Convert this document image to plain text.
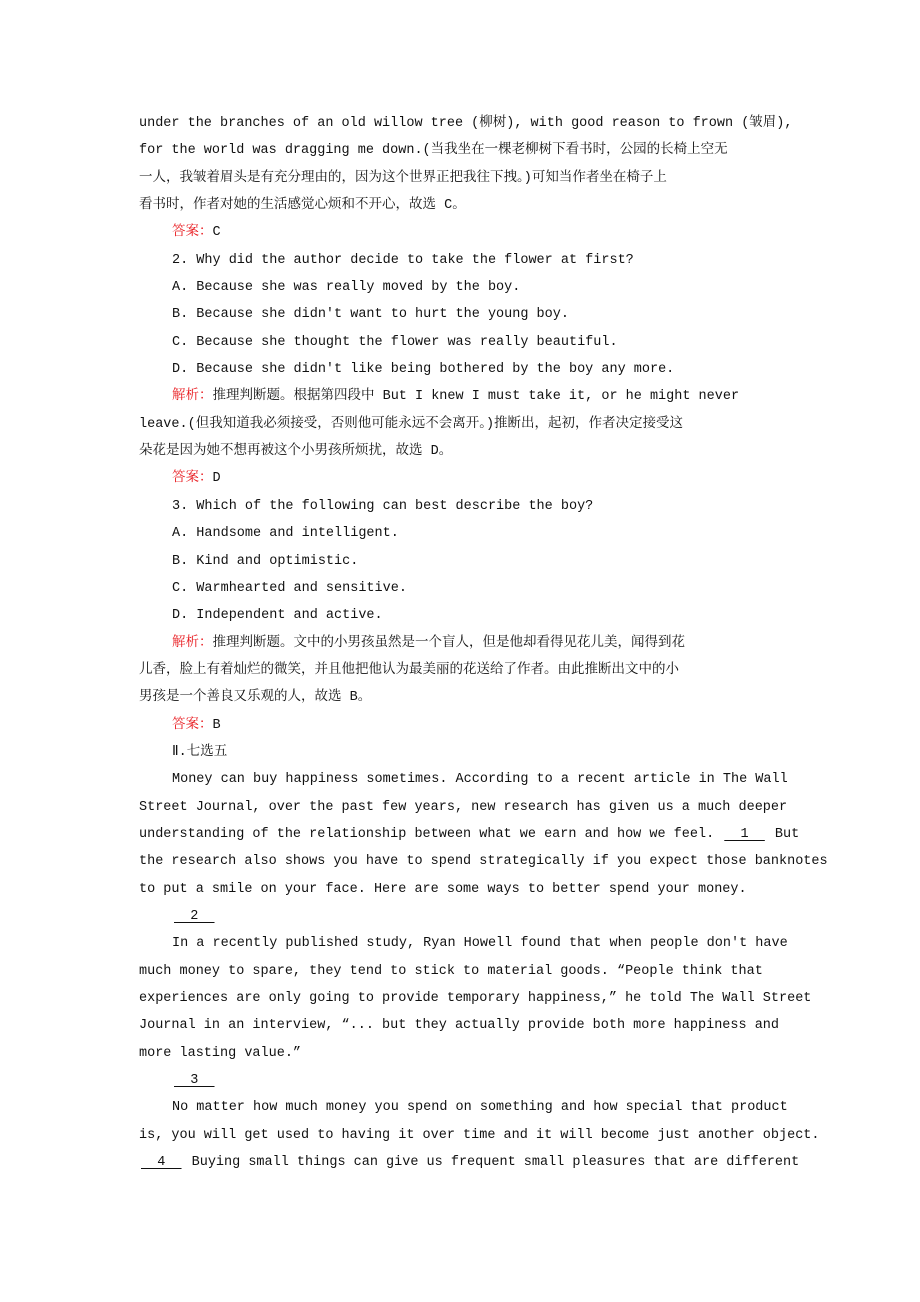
under the branches of an old willow tree (柳树), with good reason to frown (皱眉),
for the world was dragging me down.(当我坐在一棵老柳树下看书时，公园的长椅上空无
一人，我皱着眉头是有充分理由的，因为这个世界正把我往下拽。)可知当作者坐在椅子上
看书时，作者对她的生活感觉心烦和不开心，故选 C。
答案：C
2. Why did the author decide to take the flower at first?
A. Because she was really moved by the boy.
B. Because she didn't want to hurt the young boy.
C. Because she thought the flower was really beautiful.
D. Because she didn't like being bothered by the boy any more.
解析：推理判断题。根据第四段中 But I knew I must take it, or he might never
leave.(但我知道我必须接受，否则他可能永远不会离开。)推断出，起初，作者决定接受这
朵花是因为她不想再被这个小男孩所烦扰，故选 D。
答案：D
3. Which of the following can best describe the boy?
A. Handsome and intelligent.
B. Kind and optimistic.
C. Warmhearted and sensitive.
D. Independent and active.
解析：推理判断题。文中的小男孩虽然是一个盲人，但是他却看得见花儿美，闻得到花
儿香，脸上有着灿烂的微笑，并且他把他认为最美丽的花送给了作者。由此推断出文中的小
男孩是一个善良又乐观的人，故选 B。
答案：B
Ⅱ.七选五
Money can buy happiness sometimes. According to a recent article in The Wall
Street Journal, over the past few years, new research has given us a much deeper
understanding of the relationship between what we earn and how we feel.   1   But
the research also shows you have to spend strategically if you expect those banknotes
to put a smile on your face. Here are some ways to better spend your money.
2
In a recently published study, Ryan Howell found that when people don't have
much money to spare, they tend to stick to material goods. “People think that
experiences are only going to provide temporary happiness,” he told The Wall Street
Journal in an interview, “... but they actually provide both more happiness and
more lasting value.”
3
No matter how much money you spend on something and how special that product
is, you will get used to having it over time and it will become just another object.
4   Buying small things can give us frequent small pleasures that are different
